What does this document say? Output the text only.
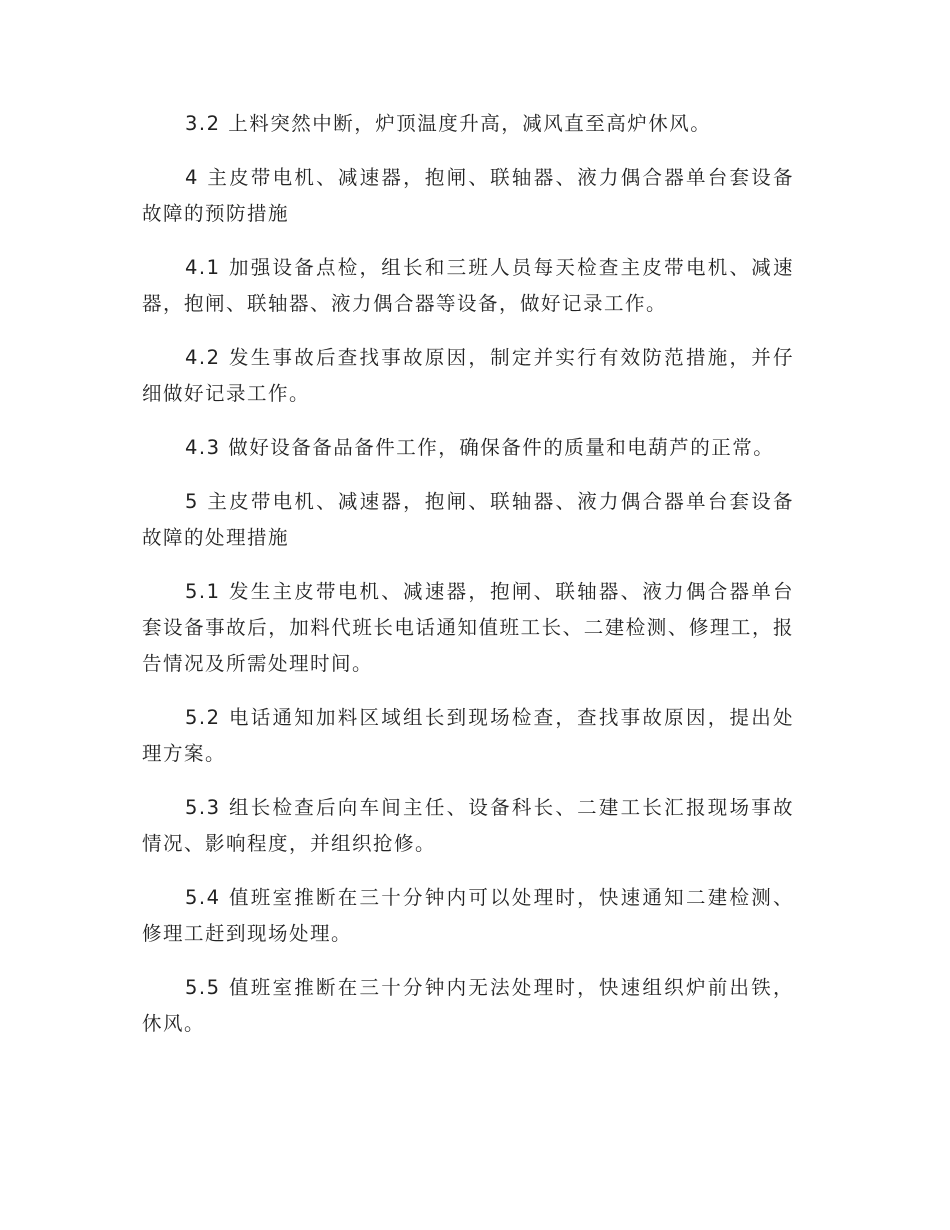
3.2 上料突然中断，炉顶温度升高，减风直至高炉休风。

4 主皮带电机、减速器，抱闸、联轴器、液力偶合器单台套设备故障的预防措施

4.1 加强设备点检，组长和三班人员每天检查主皮带电机、减速器，抱闸、联轴器、液力偶合器等设备，做好记录工作。

4.2 发生事故后查找事故原因，制定并实行有效防范措施，并仔细做好记录工作。

4.3 做好设备备品备件工作，确保备件的质量和电葫芦的正常。

5 主皮带电机、减速器，抱闸、联轴器、液力偶合器单台套设备故障的处理措施

5.1 发生主皮带电机、减速器，抱闸、联轴器、液力偶合器单台套设备事故后，加料代班长电话通知值班工长、二建检测、修理工，报告情况及所需处理时间。

5.2 电话通知加料区域组长到现场检查，查找事故原因，提出处理方案。

5.3 组长检查后向车间主任、设备科长、二建工长汇报现场事故情况、影响程度，并组织抢修。

5.4 值班室推断在三十分钟内可以处理时，快速通知二建检测、修理工赶到现场处理。

5.5 值班室推断在三十分钟内无法处理时，快速组织炉前出铁，休风。
